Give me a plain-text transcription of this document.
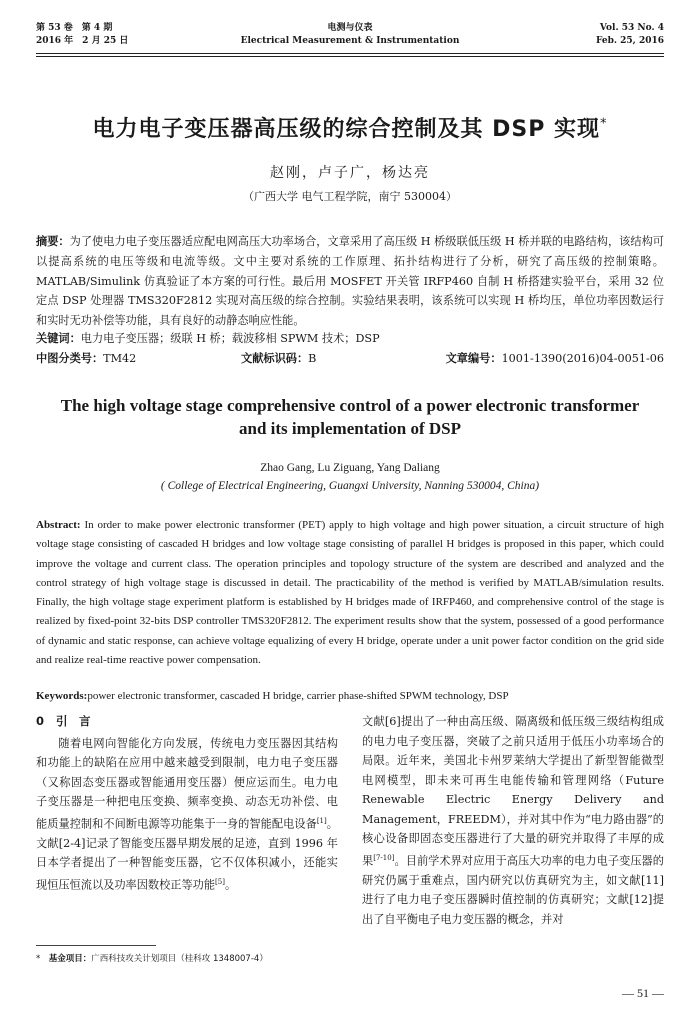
第 53 卷　第 4 期
2016 年　2 月 25 日
电测与仪表
Electrical Measurement & Instrumentation
Vol. 53 No. 4
Feb. 25, 2016
电力电子变压器高压级的综合控制及其 DSP 实现*
赵刚，卢子广，杨达亮
（广西大学 电气工程学院，南宁 530004）
摘要：为了使电力电子变压器适应配电网高压大功率场合，文章采用了高压级 H 桥级联低压级 H 桥并联的电路结构，该结构可以提高系统的电压等级和电流等级。文中主要对系统的工作原理、拓扑结构进行了分析，研究了高压级的控制策略。MATLAB/Simulink 仿真验证了本方案的可行性。最后用 MOSFET 开关管 IRFP460 自制 H 桥搭建实验平台，采用 32 位定点 DSP 处理器 TMS320F2812 实现对高压级的综合控制。实验结果表明，该系统可以实现 H 桥均压，单位功率因数运行和实时无功补偿等功能，具有良好的动静态响应性能。
关键词：电力电子变压器；级联 H 桥；载波移相 SPWM 技术；DSP
中图分类号：TM42	文献标识码：B	文章编号：1001-1390(2016)04-0051-06
The high voltage stage comprehensive control of a power electronic transformer and its implementation of DSP
Zhao Gang, Lu Ziguang, Yang Daliang
( College of Electrical Engineering, Guangxi University, Nanning 530004, China)
Abstract: In order to make power electronic transformer (PET) apply to high voltage and high power situation, a circuit structure of high voltage stage consisting of cascaded H bridges and low voltage stage consisting of parallel H bridges is proposed in this paper, which could improve the voltage and current class. The operation principles and topology structure of the system are described and analyzed and the control strategy of high voltage stage is discussed in detail. The practicability of the method is verified by MATLAB/simulation results. Finally, the high voltage stage experiment platform is established by H bridges made of IRFP460, and comprehensive control of the stage is realized by fixed-point 32-bits DSP controller TMS320F2812. The experiment results show that the system, possessed of a good performance of dynamic and static response, can achieve voltage equalizing of every H bridge, operate under a unit power factor condition on the grid side and realize real-time reactive power compensation.
Keywords:power electronic transformer, cascaded H bridge, carrier phase-shifted SPWM technology, DSP
0 引　言

随着电网向智能化方向发展，传统电力变压器因其结构和功能上的缺陷在应用中越来越受到限制，电力电子变压器（又称固态变压器或智能通用变压器）便应运而生。电力电子变压器是一种把电压变换、频率变换、动态无功补偿、电能质量控制和不间断电源等功能集于一身的智能配电设备[1]。文献[2-4]记录了智能变压器早期发展的足迹，直到 1996 年日本学者提出了一种智能变压器，它不仅体积减小，还能实现恒压恒流以及功率因数校正等功能[5]。

文献[6]提出了一种由高压级、隔离级和低压级三级结构组成的电力电子变压器，突破了之前只适用于低压小功率场合的局限。近年来，美国北卡州罗莱纳大学提出了新型智能微型电网模型，即未来可再生电能传输和管理网络（Future Renewable Electric Energy Delivery and Management，FREEDM），并对其中作为“电力路由器”的核心设备即固态变压器进行了大量的研究并取得了丰厚的成果[7-10]。目前学术界对应用于高压大功率的电力电子变压器的研究仍属于重难点，国内研究以仿真研究为主，如文献[11]进行了电力电子变压器瞬时值控制的仿真研究；文献[12]提出了自平衡电子电力变压器的概念，并对

*　 基金项目：广西科技攻关计划项目（桂科攻 1348007-4）
— 51 —
